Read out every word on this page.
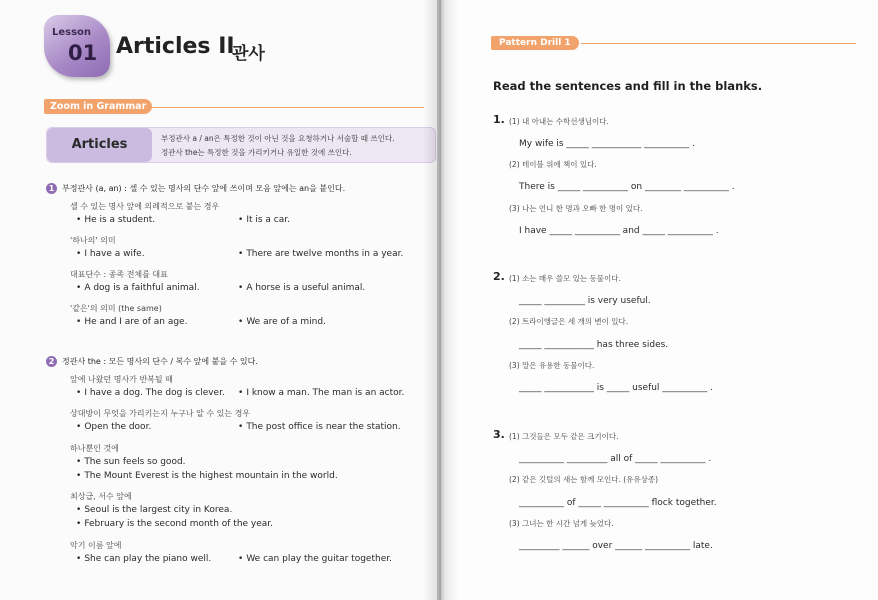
Lesson
01 Articles II
관사
Zoom in Grammar
Articles	부정관사 a / an은 특정한 것이 아닌 것을 요청하거나 서술할 때 쓰인다.
정관사 the는 특정한 것을 가리키거나 유일한 것에 쓰인다.
1 부정관사 (a, an) : 셀 수 있는 명사의 단수 앞에 쓰이며 모음 앞에는 an을 붙인다.
셀 수 있는 명사 앞에 의례적으로 붙는 경우
• He is a student.	• It is a car.
'하나의' 의미
• I have a wife.	• There are twelve months in a year.
대표단수 : 종족 전체를 대표
• A dog is a faithful animal.	• A horse is a useful animal.
'같은'의 의미 (the same)
• He and I are of an age.	• We are of a mind.
2 정관사 the : 모든 명사의 단수 / 복수 앞에 붙을 수 있다.
앞에 나왔던 명사가 반복될 때
• I have a dog. The dog is clever.	• I know a man. The man is an actor.
상대방이 무엇을 가리키는지 누구나 알 수 있는 경우
• Open the door.	• The post office is near the station.
하나뿐인 것에
• The sun feels so good.
• The Mount Everest is the highest mountain in the world.
최상급, 서수 앞에
• Seoul is the largest city in Korea.
• February is the second month of the year.
악기 이름 앞에
• She can play the piano well.	• We can play the guitar together.
Pattern Drill 1
Read the sentences and fill in the blanks.
1. (1) 내 아내는 수학선생님이다.
My wife is _____ ___________ __________ .
(2) 테이블 위에 책이 있다.
There is _____ __________ on ________ __________ .
(3) 나는 언니 한 명과 오빠 한 명이 있다.
I have _____ __________ and _____ __________ .
2. (1) 소는 매우 쓸모 있는 동물이다.
_____ _________ is very useful.
(2) 트라이앵글은 세 개의 변이 있다.
_____ ___________ has three sides.
(3) 말은 유용한 동물이다.
_____ ___________ is _____ useful __________ .
3. (1) 그것들은 모두 같은 크기이다.
__________ _________ all of _____ __________ .
(2) 같은 깃털의 새는 함께 모인다. (유유상종)
__________ of _____ __________ flock together.
(3) 그녀는 한 시간 넘게 늦었다.
_________ ______ over ______ __________ late.
